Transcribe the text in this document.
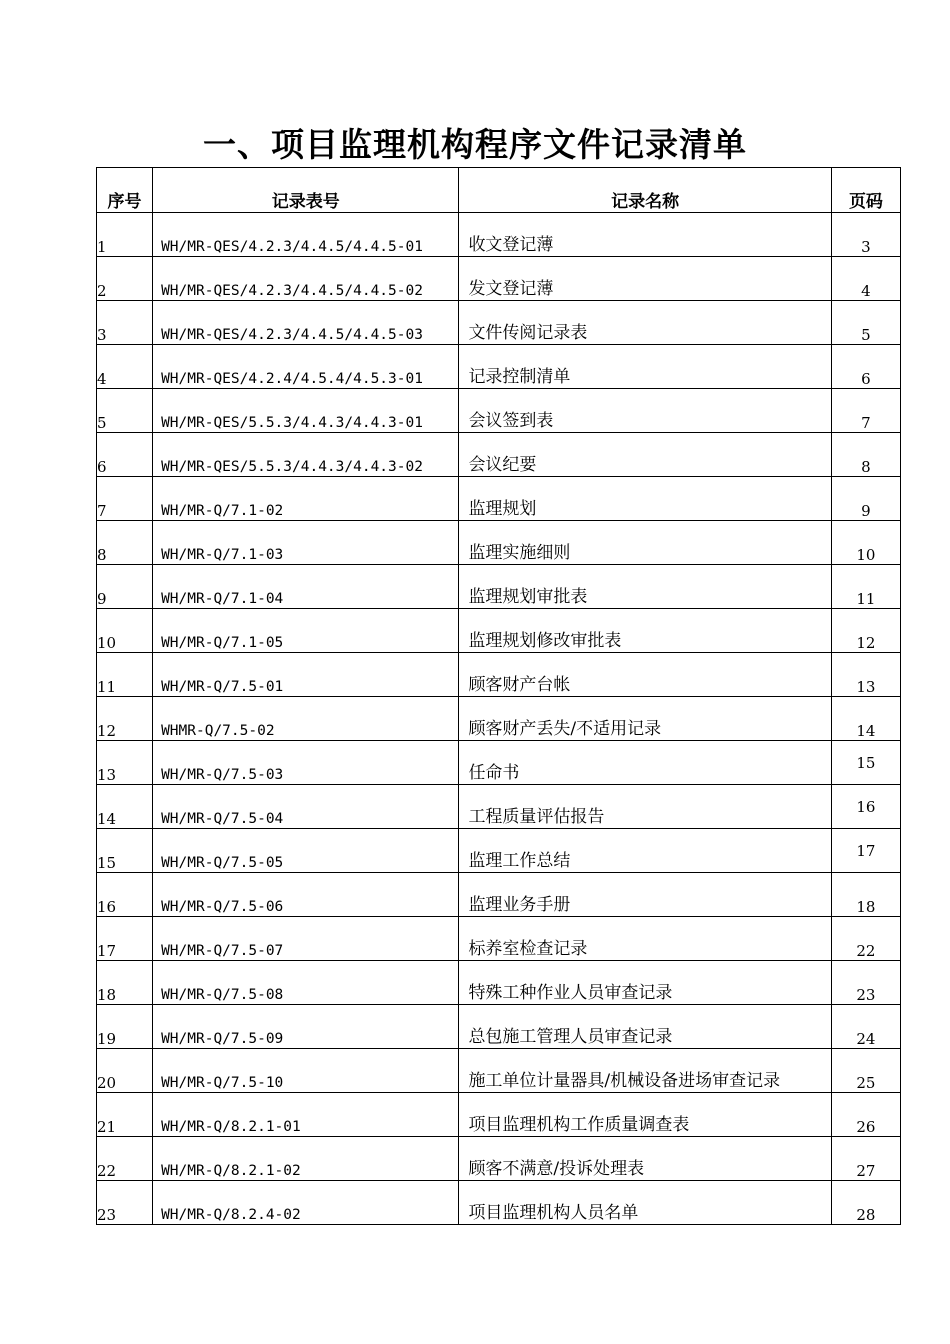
一、项目监理机构程序文件记录清单
序号	记录表号	记录名称	页码
1	WH/MR-QES/4.2.3/4.4.5/4.4.5-01	收文登记薄	3
2	WH/MR-QES/4.2.3/4.4.5/4.4.5-02	发文登记薄	4
3	WH/MR-QES/4.2.3/4.4.5/4.4.5-03	文件传阅记录表	5
4	WH/MR-QES/4.2.4/4.5.4/4.5.3-01	记录控制清单	6
5	WH/MR-QES/5.5.3/4.4.3/4.4.3-01	会议签到表	7
6	WH/MR-QES/5.5.3/4.4.3/4.4.3-02	会议纪要	8
7	WH/MR-Q/7.1-02	监理规划	9
8	WH/MR-Q/7.1-03	监理实施细则	10
9	WH/MR-Q/7.1-04	监理规划审批表	11
10	WH/MR-Q/7.1-05	监理规划修改审批表	12
11	WH/MR-Q/7.5-01	顾客财产台帐	13
12	WHMR-Q/7.5-02	顾客财产丢失/不适用记录	14
13	WH/MR-Q/7.5-03	任命书	15
14	WH/MR-Q/7.5-04	工程质量评估报告	16
15	WH/MR-Q/7.5-05	监理工作总结	17
16	WH/MR-Q/7.5-06	监理业务手册	18
17	WH/MR-Q/7.5-07	标养室检查记录	22
18	WH/MR-Q/7.5-08	特殊工种作业人员审查记录	23
19	WH/MR-Q/7.5-09	总包施工管理人员审查记录	24
20	WH/MR-Q/7.5-10	施工单位计量器具/机械设备进场审查记录	25
21	WH/MR-Q/8.2.1-01	项目监理机构工作质量调查表	26
22	WH/MR-Q/8.2.1-02	顾客不满意/投诉处理表	27
23	WH/MR-Q/8.2.4-02	项目监理机构人员名单	28
